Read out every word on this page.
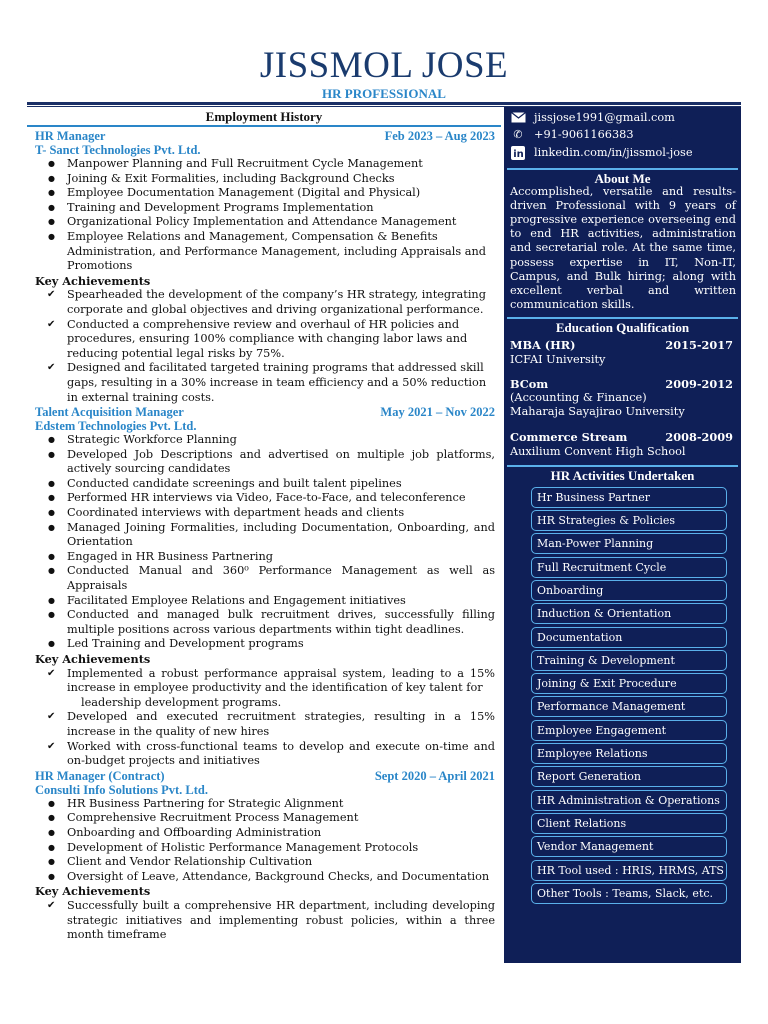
JISSMOL JOSE
HR PROFESSIONAL
Employment History
HR Manager	Feb 2023 – Aug 2023
T- Sanct Technologies Pvt. Ltd.
● Manpower Planning and Full Recruitment Cycle Management
● Joining & Exit Formalities, including Background Checks
● Employee Documentation Management (Digital and Physical)
● Training and Development Programs Implementation
● Organizational Policy Implementation and Attendance Management
● Employee Relations and Management, Compensation & Benefits Administration, and Performance Management, including Appraisals and Promotions
Key Achievements
✔ Spearheaded the development of the company’s HR strategy, integrating corporate and global objectives and driving organizational performance.
✔ Conducted a comprehensive review and overhaul of HR policies and procedures, ensuring 100% compliance with changing labor laws and reducing potential legal risks by 75%.
✔ Designed and facilitated targeted training programs that addressed skill gaps, resulting in a 30% increase in team efficiency and a 50% reduction in external training costs.
Talent Acquisition Manager	May 2021 – Nov 2022
Edstem Technologies Pvt. Ltd.
● Strategic Workforce Planning
● Developed Job Descriptions and advertised on multiple job platforms, actively sourcing candidates
● Conducted candidate screenings and built talent pipelines
● Performed HR interviews via Video, Face-to-Face, and teleconference
● Coordinated interviews with department heads and clients
● Managed Joining Formalities, including Documentation, Onboarding, and Orientation
● Engaged in HR Business Partnering
● Conducted Manual and 360⁰ Performance Management as well as Appraisals
● Facilitated Employee Relations and Engagement initiatives
● Conducted and managed bulk recruitment drives, successfully filling multiple positions across various departments within tight deadlines.
● Led Training and Development programs
Key Achievements
✔ Implemented a robust performance appraisal system, leading to a 15% increase in employee productivity and the identification of key talent for
leadership development programs.
✔ Developed and executed recruitment strategies, resulting in a 15% increase in the quality of new hires
✔ Worked with cross-functional teams to develop and execute on-time and on-budget projects and initiatives
HR Manager (Contract)	Sept 2020 – April 2021
Consulti Info Solutions Pvt. Ltd.
● HR Business Partnering for Strategic Alignment
● Comprehensive Recruitment Process Management
● Onboarding and Offboarding Administration
● Development of Holistic Performance Management Protocols
● Client and Vendor Relationship Cultivation
● Oversight of Leave, Attendance, Background Checks, and Documentation
Key Achievements
✔ Successfully built a comprehensive HR department, including developing strategic initiatives and implementing robust policies, within a three month timeframe
jissjose1991@gmail.com
✆	+91-9061166383
in linkedin.com/in/jissmol-jose
About Me
Accomplished, versatile and results-driven Professional with 9 years of progressive experience overseeing end to end HR activities, administration and secretarial role. At the same time, possess expertise in IT, Non-IT, Campus, and Bulk hiring; along with excellent verbal and written communication skills.
Education Qualification
MBA (HR)	2015-2017
ICFAI University
BCom	2009-2012
(Accounting & Finance)
Maharaja Sayajirao University
Commerce Stream	2008-2009
Auxilium Convent High School
HR Activities Undertaken
Hr Business Partner
HR Strategies & Policies
Man-Power Planning
Full Recruitment Cycle
Onboarding
Induction & Orientation
Documentation
Training & Development
Joining & Exit Procedure
Performance Management
Employee Engagement
Employee Relations
Report Generation
HR Administration & Operations
Client Relations
Vendor Management
HR Tool used : HRIS, HRMS, ATS
Other Tools : Teams, Slack, etc.
